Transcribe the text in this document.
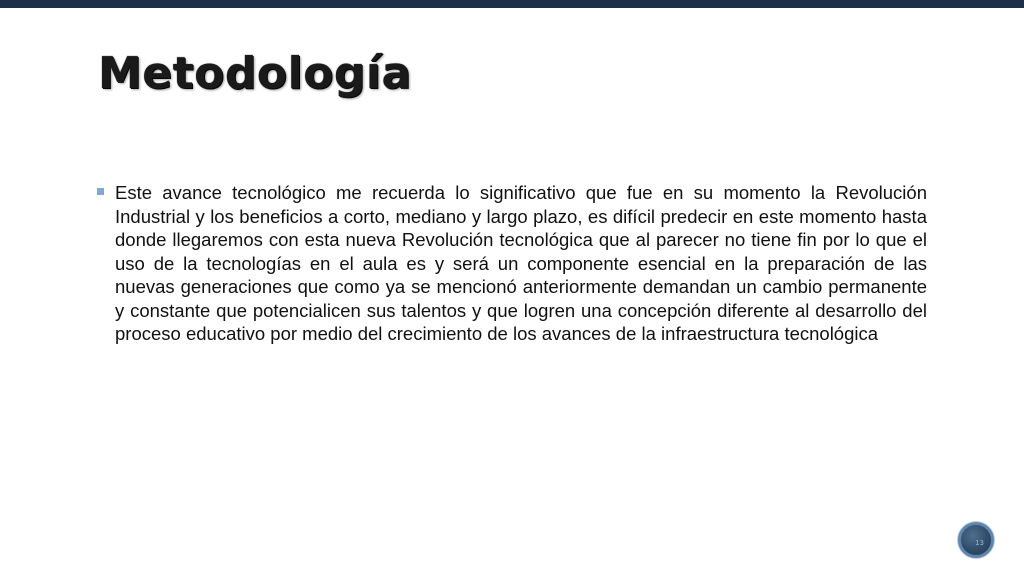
Metodología

Este avance tecnológico me recuerda lo significativo que fue en su momento la Revolución Industrial y los beneficios a corto, mediano y largo plazo, es difícil predecir en este momento hasta donde llegaremos con esta nueva Revolución tecnológica que al parecer no tiene fin por lo que el uso de la tecnologías en el aula es y será un componente esencial en la preparación de las nuevas generaciones que como ya se mencionó anteriormente demandan un cambio permanente y constante que potencialicen sus talentos y que logren una concepción diferente al desarrollo del proceso educativo por medio del crecimiento de los avances de la infraestructura tecnológica

13
